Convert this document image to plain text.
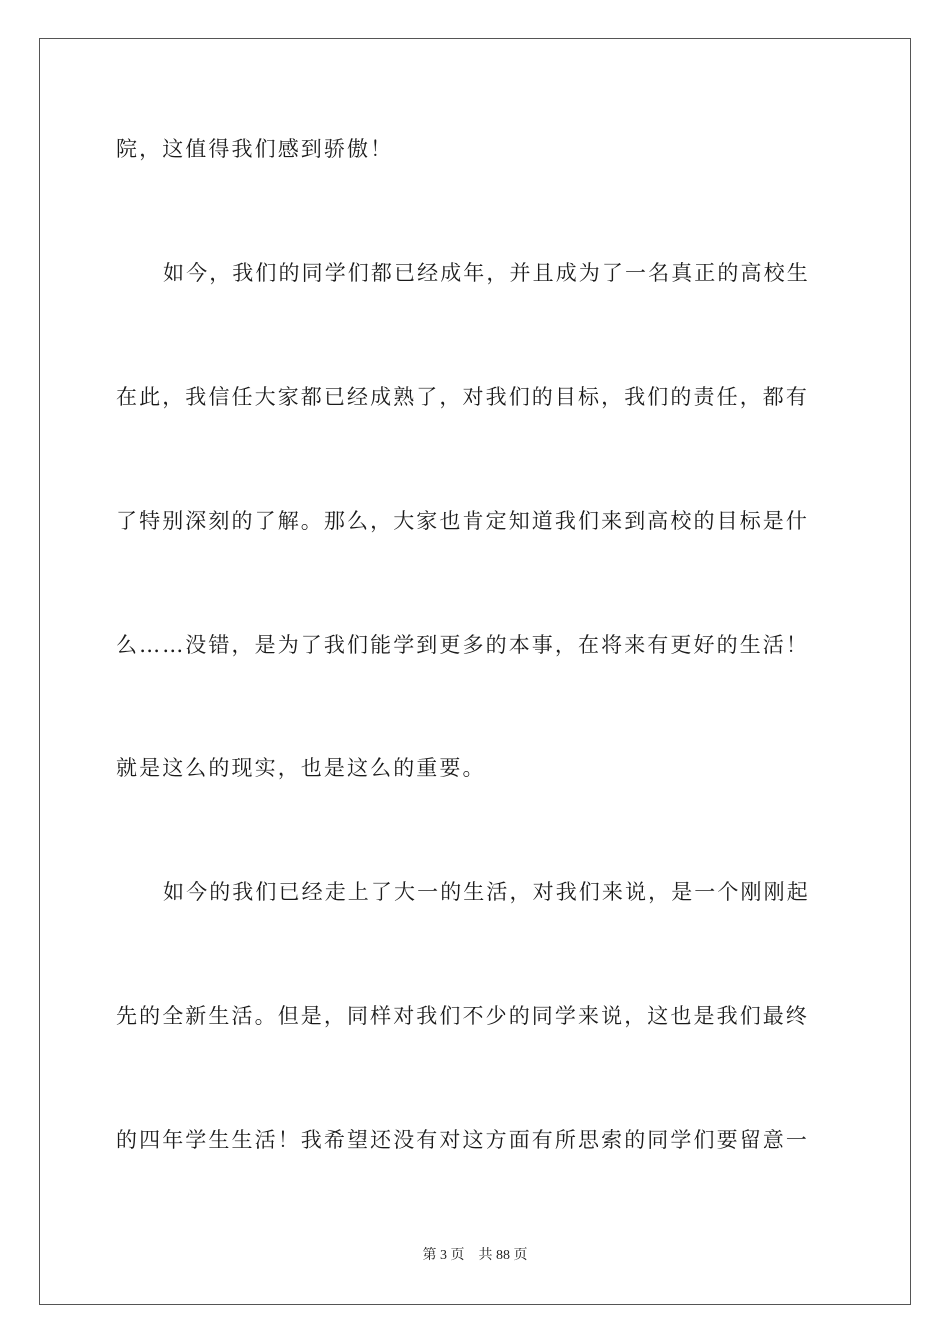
院，这值得我们感到骄傲！
如今，我们的同学们都已经成年，并且成为了一名真正的高校生
在此，我信任大家都已经成熟了，对我们的目标，我们的责任，都有
了特别深刻的了解。那么，大家也肯定知道我们来到高校的目标是什
么……没错，是为了我们能学到更多的本事，在将来有更好的生活！
就是这么的现实，也是这么的重要。
如今的我们已经走上了大一的生活，对我们来说，是一个刚刚起
先的全新生活。但是，同样对我们不少的同学来说，这也是我们最终
的四年学生生活！我希望还没有对这方面有所思索的同学们要留意一
第 3 页 共 88 页
